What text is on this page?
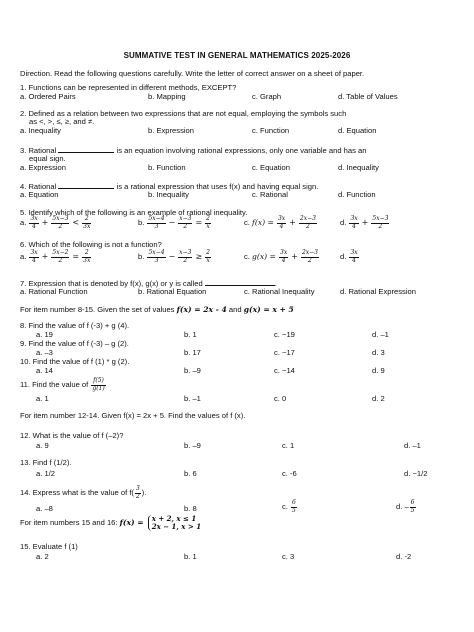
SUMMATIVE TEST IN GENERAL MATHEMATICS 2025-2026
Direction. Read the following questions carefully. Write the letter of correct answer on a sheet of paper.
1. Functions can be represented in different methods, EXCEPT?
a. Ordered Pairs	b. Mapping	c. Graph	d. Table of Values
2. Defined as a relation between two expressions that are not equal, employing the symbols such
as <, >, ≤, ≥, and ≠.
a. Inequality	b. Expression	c. Function	d. Equation
3. Rational	is an equation involving rational expressions, only one variable and has an
equal sign.
a. Expression	b. Function	c. Equation	d. Inequality
4. Rational	is a rational expression that uses f(x) and having equal sign.
a. Equation	b. Inequality	c. Rational	d. Function
5. Identify which of the following is an example of rational inequality.
a. $\frac{3x}{4} + \frac{5x-3}{2} < \frac{2}{3x}$	b. $\frac{5x-4}{3} - \frac{x-3}{2} = \frac{2}{x}$	c. $f(x) = \frac{3x}{4} + \frac{2x-3}{2}$	d. $\frac{3x}{4} + \frac{5x-3}{2}$
6. Which of the following is not a function?
a. $\frac{3x}{4} + \frac{5x-2}{2} = \frac{2}{3x}$	b. $\frac{5x-4}{3} - \frac{x-3}{2} \ge \frac{2}{x}$	c. $g(x) = \frac{3x}{4} + \frac{2x-3}{2}$	d. $\frac{3x}{4}$
7. Expression that is denoted by f(x), g(x) or y is called	.
a. Rational Function	b. Rational Equation	c. Rational Inequality	d. Rational Expression
For item number 8-15. Given the set of values f(x) = 2x - 4 and g(x) = x + 5
8. Find the value of f (-3) + g (4).
a. 19	b. 1	c. −19	d. –1
9. Find the value of f (-3) – g (2).
a. –3	b. 17	c. −17	d. 3
10. Find the value of f (1) * g (2).
a. 14	b. –9	c. −14	d. 9
11. Find the value of $\frac{f(5)}{g(1)}$
a. 1	b. –1	c. 0	d. 2
For item number 12-14. Given f(x) = 2x + 5. Find the values of f (x).
12. What is the value of f (–2)?
a. 9	b. –9	c. 1	d. –1
13. Find f (1/2).
a. 1/2	b. 6	c. -6	d. −1/2
14. Express what is the value of $f( \frac{3}{2}$ ).
a. –8	b. 8	c. $\frac{6}{5}$	d. – $\frac{6}{5}$
For item numbers 15 and 16: f(x) = x + 2, x ≤ 1
2x − 1, x > 1
15. Evaluate f (1)
a. 2	b. 1	c. 3	d. -2
